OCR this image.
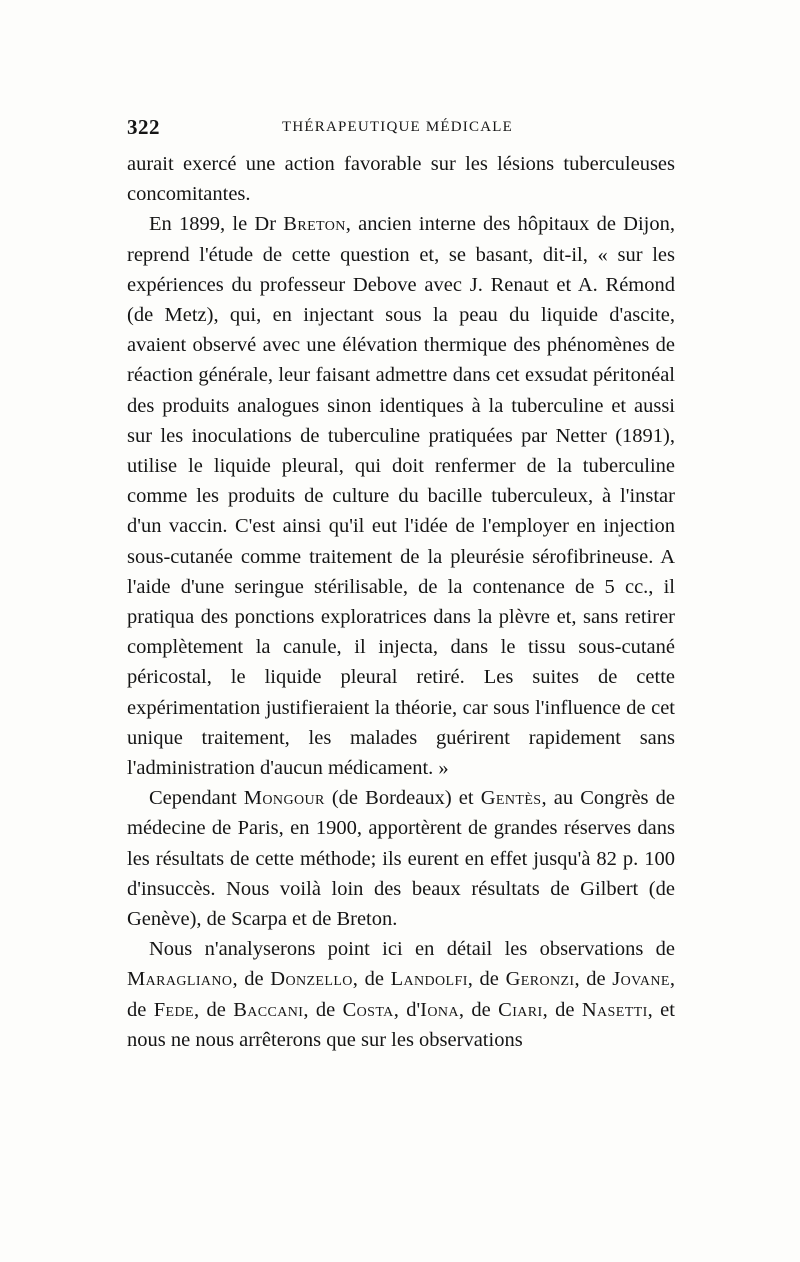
322	THÉRAPEUTIQUE MÉDICALE

aurait exercé une action favorable sur les lésions tuberculeuses concomitantes.

En 1899, le Dr Breton, ancien interne des hôpitaux de Dijon, reprend l'étude de cette question et, se basant, dit-il, « sur les expériences du professeur Debove avec J. Renaut et A. Rémond (de Metz), qui, en injectant sous la peau du liquide d'ascite, avaient observé avec une élévation thermique des phénomènes de réaction générale, leur faisant admettre dans cet exsudat péritonéal des produits analogues sinon identiques à la tuberculine et aussi sur les inoculations de tuberculine pratiquées par Netter (1891), utilise le liquide pleural, qui doit renfermer de la tuberculine comme les produits de culture du bacille tuberculeux, à l'instar d'un vaccin. C'est ainsi qu'il eut l'idée de l'employer en injection sous-cutanée comme traitement de la pleurésie sérofibrineuse. A l'aide d'une seringue stérilisable, de la contenance de 5 cc., il pratiqua des ponctions exploratrices dans la plèvre et, sans retirer complètement la canule, il injecta, dans le tissu sous-cutané péricostal, le liquide pleural retiré. Les suites de cette expérimentation justifieraient la théorie, car sous l'influence de cet unique traitement, les malades guérirent rapidement sans l'administration d'aucun médicament. »

Cependant Mongour (de Bordeaux) et Gentès, au Congrès de médecine de Paris, en 1900, apportèrent de grandes réserves dans les résultats de cette méthode; ils eurent en effet jusqu'à 82 p. 100 d'insuccès. Nous voilà loin des beaux résultats de Gilbert (de Genève), de Scarpa et de Breton.

Nous n'analyserons point ici en détail les observations de Maragliano, de Donzello, de Landolfi, de Geronzi, de Jovane, de Fede, de Baccani, de Costa, d'Iona, de Ciari, de Nasetti, et nous ne nous arrêterons que sur les observations
